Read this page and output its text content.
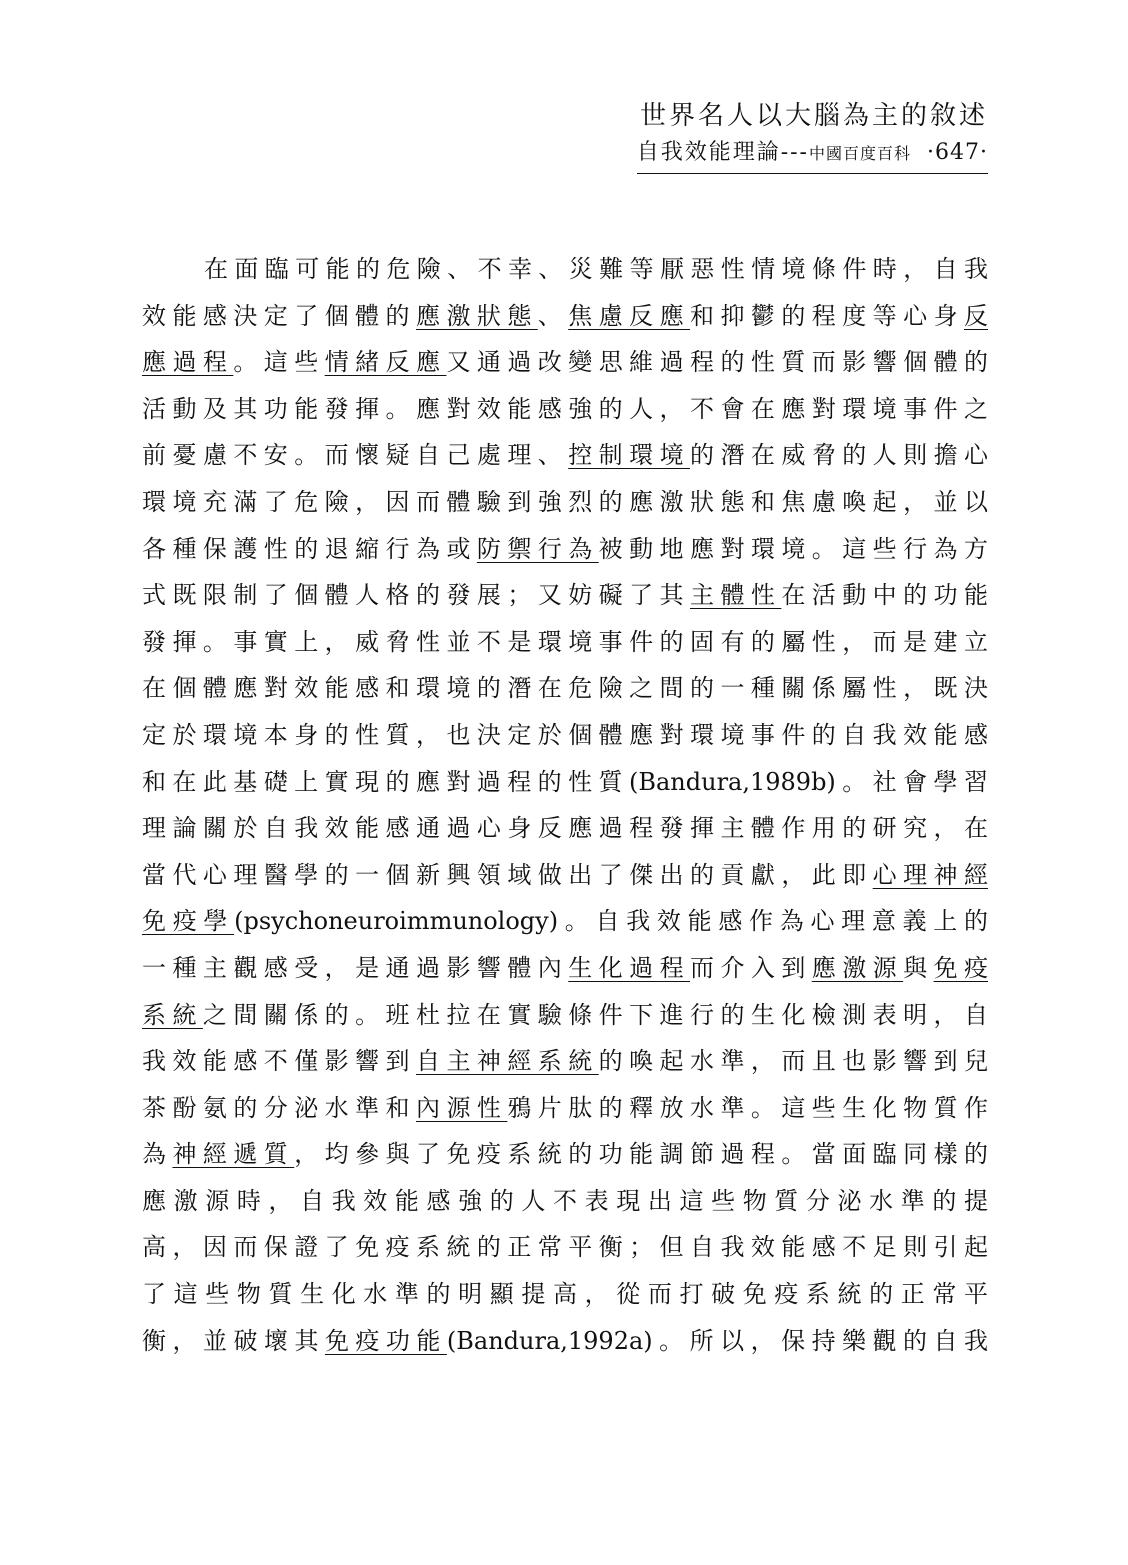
世界名人以大腦為主的敘述
自我效能理論---中國百度百科 ·647·
在面臨可能的危險、不幸、災難等厭惡性情境條件時，自我
效能感決定了個體的應激狀態、焦慮反應和抑鬱的程度等心身反
應過程。這些情緒反應又通過改變思維過程的性質而影響個體的
活動及其功能發揮。應對效能感強的人，不會在應對環境事件之
前憂慮不安。而懷疑自己處理、控制環境的潛在威脅的人則擔心
環境充滿了危險，因而體驗到強烈的應激狀態和焦慮喚起，並以
各種保護性的退縮行為或防禦行為被動地應對環境。這些行為方
式既限制了個體人格的發展；又妨礙了其主體性在活動中的功能
發揮。事實上，威脅性並不是環境事件的固有的屬性，而是建立
在個體應對效能感和環境的潛在危險之間的一種關係屬性，既決
定於環境本身的性質，也決定於個體應對環境事件的自我效能感
和在此基礎上實現的應對過程的性質(Bandura,1989b)。社會學習
理論關於自我效能感通過心身反應過程發揮主體作用的研究，在
當代心理醫學的一個新興領域做出了傑出的貢獻，此即心理神經
免疫學(psychoneuroimmunology)。自我效能感作為心理意義上的
一種主觀感受，是通過影響體內生化過程而介入到應激源與免疫
系統之間關係的。班杜拉在實驗條件下進行的生化檢測表明，自
我效能感不僅影響到自主神經系統的喚起水準，而且也影響到兒
茶酚氨的分泌水準和內源性鴉片肽的釋放水準。這些生化物質作
為神經遞質，均參與了免疫系統的功能調節過程。當面臨同樣的
應激源時，自我效能感強的人不表現出這些物質分泌水準的提
高，因而保證了免疫系統的正常平衡；但自我效能感不足則引起
了這些物質生化水準的明顯提高，從而打破免疫系統的正常平
衡，並破壞其免疫功能(Bandura,1992a)。所以，保持樂觀的自我
